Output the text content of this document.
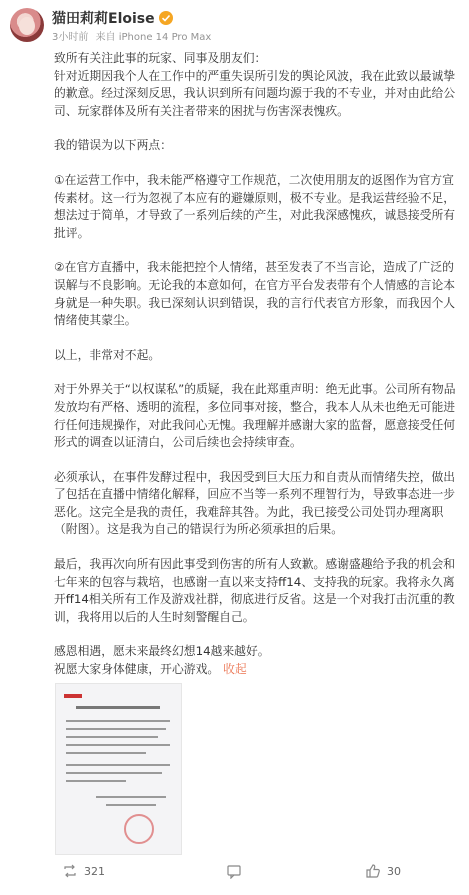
猫田莉莉Eloise
3小时前 来自 iPhone 14 Pro Max

致所有关注此事的玩家、同事及朋友们：

针对近期因我个人在工作中的严重失误所引发的舆论风波，我在此致以最诚挚的歉意。经过深刻反思，我认识到所有问题均源于我的不专业，并对由此给公司、玩家群体及所有关注者带来的困扰与伤害深表愧疚。

我的错误为以下两点：

①在运营工作中，我未能严格遵守工作规范，二次使用朋友的返图作为官方宣传素材。这一行为忽视了本应有的避嫌原则，极不专业。是我运营经验不足，想法过于简单，才导致了一系列后续的产生，对此我深感愧疚，诚恳接受所有批评。

②在官方直播中，我未能把控个人情绪，甚至发表了不当言论，造成了广泛的误解与不良影响。无论我的本意如何，在官方平台发表带有个人情感的言论本身就是一种失职。我已深刻认识到错误，我的言行代表官方形象，而我因个人情绪使其蒙尘。

以上，非常对不起。

对于外界关于“以权谋私”的质疑，我在此郑重声明：绝无此事。公司所有物品发放均有严格、透明的流程，多位同事对接，整合，我本人从未也绝无可能进行任何违规操作，对此我问心无愧。我理解并感谢大家的监督，愿意接受任何形式的调查以证清白，公司后续也会持续审查。

必须承认，在事件发酵过程中，我因受到巨大压力和自责从而情绪失控，做出了包括在直播中情绪化解释，回应不当等一系列不理智行为，导致事态进一步恶化。这完全是我的责任，我难辞其咎。为此，我已接受公司处罚办理离职（附图）。这是我为自己的错误行为所必须承担的后果。

最后，我再次向所有因此事受到伤害的所有人致歉。感谢盛趣给予我的机会和七年来的包容与栽培，也感谢一直以来支持ff14、支持我的玩家。我将永久离开ff14相关所有工作及游戏社群，彻底进行反省。这是一个对我打击沉重的教训，我将用以后的人生时刻警醒自己。

感恩相遇，愿未来最终幻想14越来越好。

祝愿大家身体健康，开心游戏。 收起

321	30
